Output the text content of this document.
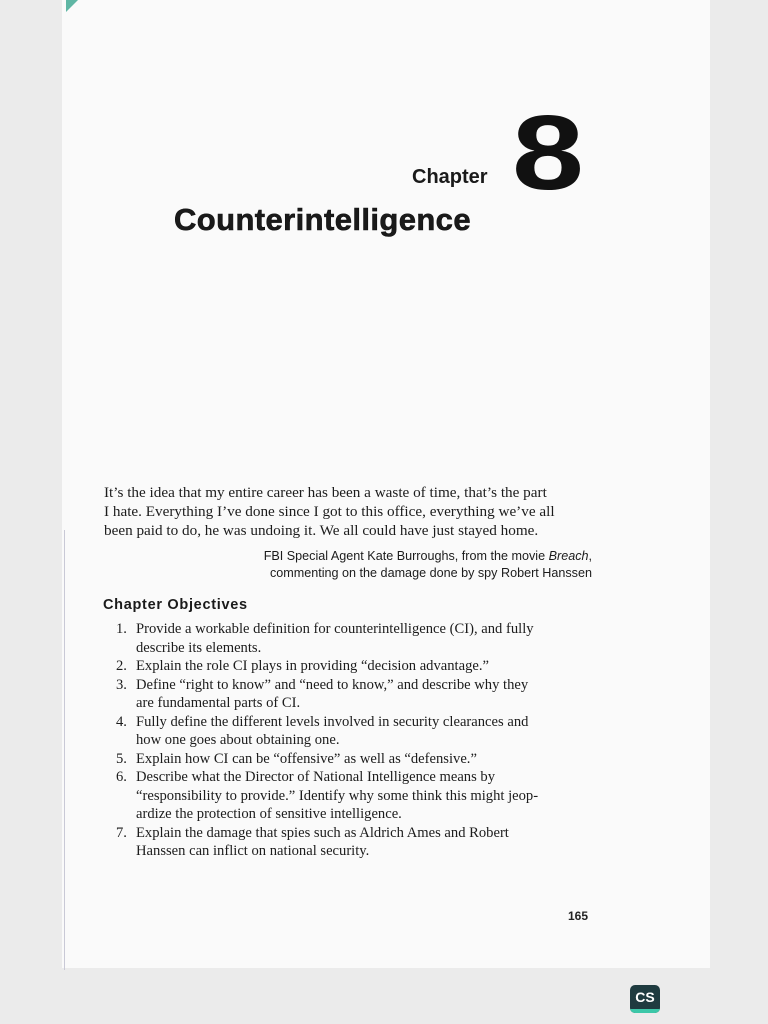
Chapter 8
Counterintelligence

It’s the idea that my entire career has been a waste of time, that’s the part

I hate. Everything I’ve done since I got to this office, everything we’ve all

been paid to do, he was undoing it. We all could have just stayed home.

FBI Special Agent Kate Burroughs, from the movie Breach,
commenting on the damage done by spy Robert Hanssen
Chapter Objectives
1. Provide a workable definition for counterintelligence (CI), and fully
describe its elements.
2. Explain the role CI plays in providing “decision advantage.”
3. Define “right to know” and “need to know,” and describe why they
are fundamental parts of CI.
4. Fully define the different levels involved in security clearances and
how one goes about obtaining one.
5. Explain how CI can be “offensive” as well as “defensive.”
6. Describe what the Director of National Intelligence means by
“responsibility to provide.” Identify why some think this might jeop-
ardize the protection of sensitive intelligence.
7. Explain the damage that spies such as Aldrich Ames and Robert
Hanssen can inflict on national security.
165
CS
